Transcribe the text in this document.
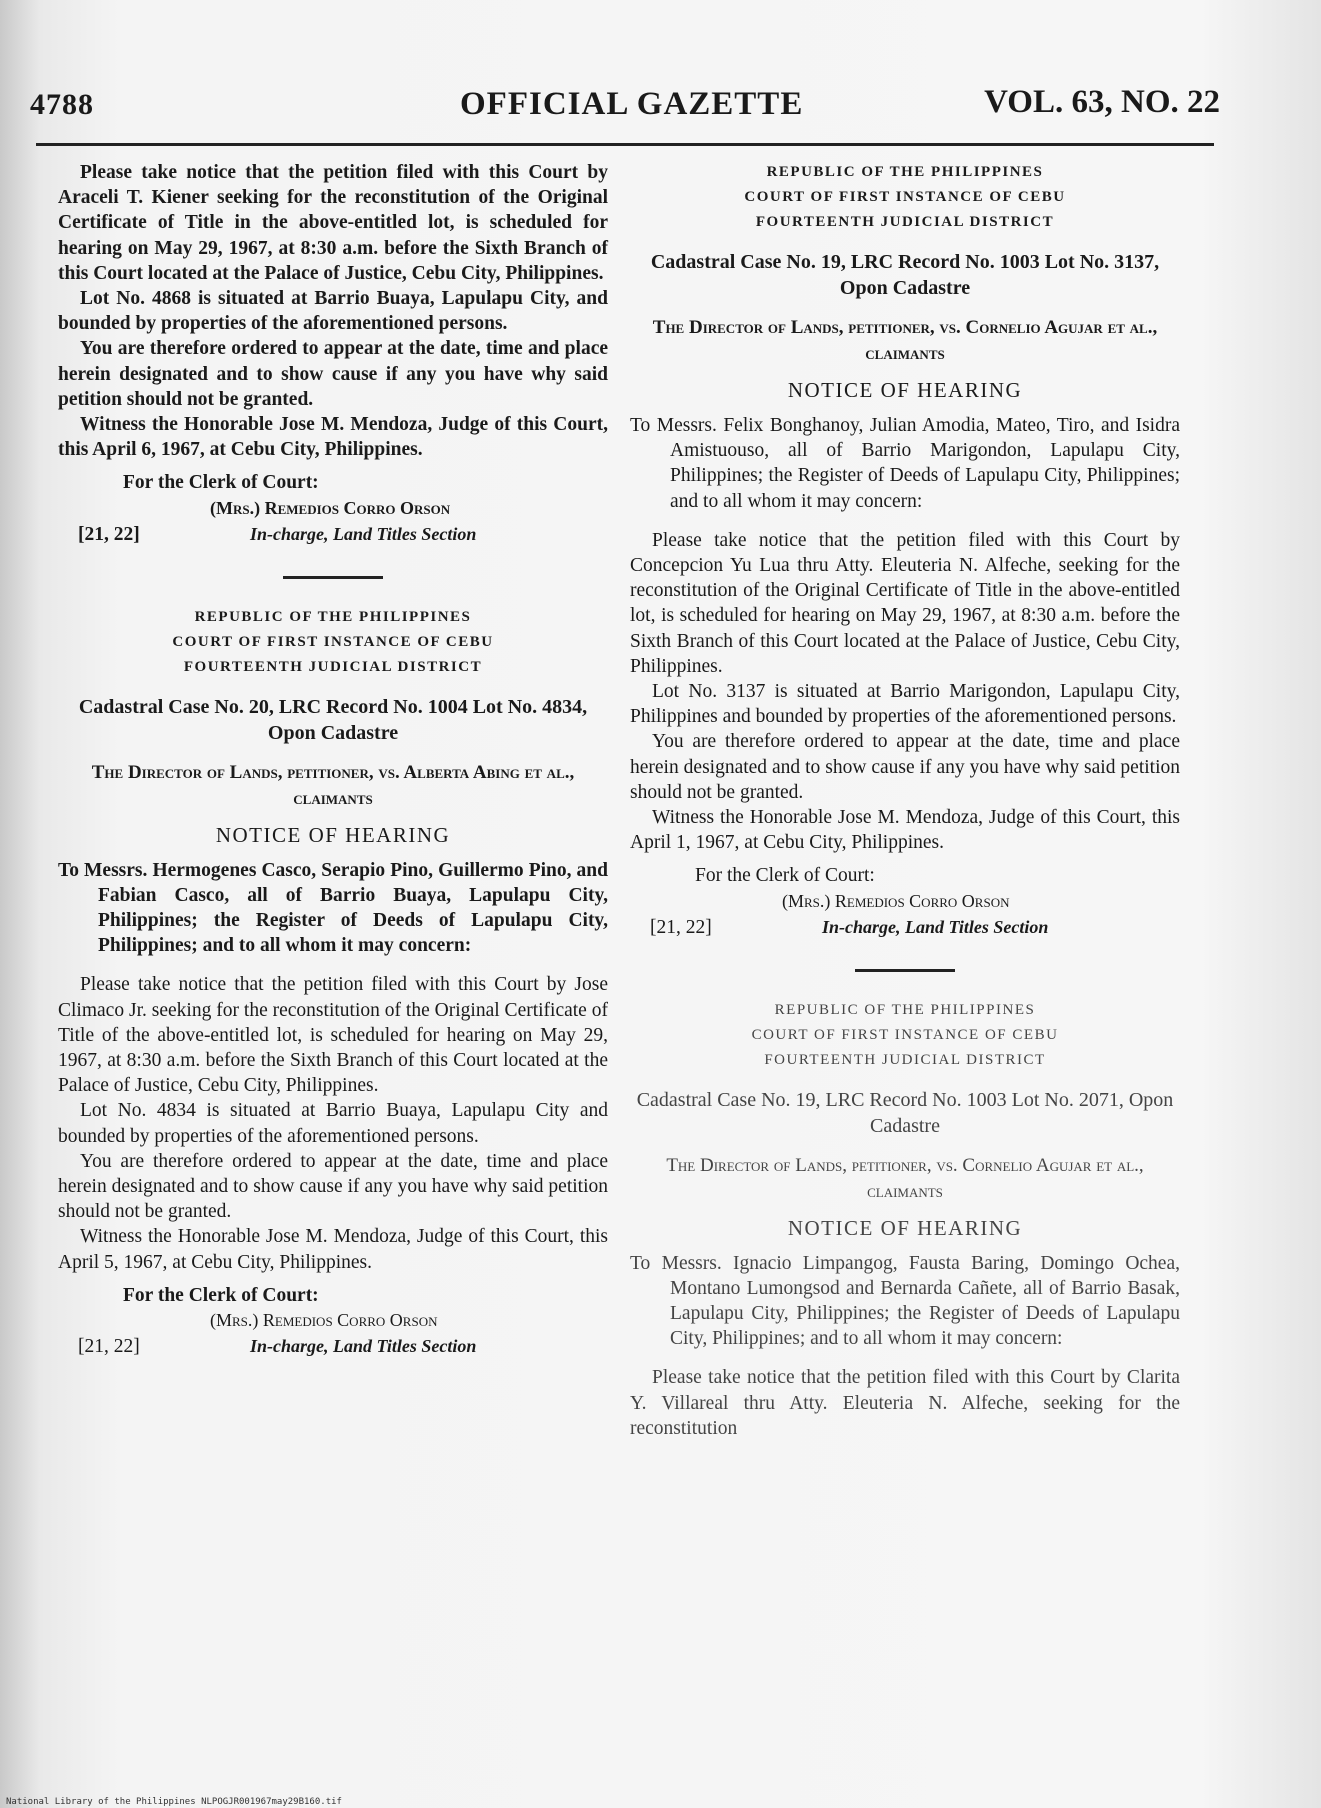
4788	OFFICIAL GAZETTE	VOL. 63, NO. 22

Please take notice that the petition filed with this Court by Araceli T. Kiener seeking for the reconstitution of the Original Certificate of Title in the above-entitled lot, is scheduled for hearing on May 29, 1967, at 8:30 a.m. before the Sixth Branch of this Court located at the Palace of Justice, Cebu City, Philippines.

Lot No. 4868 is situated at Barrio Buaya, Lapulapu City, and bounded by properties of the aforementioned persons.

You are therefore ordered to appear at the date, time and place herein designated and to show cause if any you have why said petition should not be granted.

Witness the Honorable Jose M. Mendoza, Judge of this Court, this April 6, 1967, at Cebu City, Philippines.

For the Clerk of Court:

(Mrs.) Remedios Corro Orson
[21, 22]	In-charge, Land Titles Section
REPUBLIC OF THE PHILIPPINES
COURT OF FIRST INSTANCE OF CEBU
FOURTEENTH JUDICIAL DISTRICT

Cadastral Case No. 20, LRC Record No. 1004 Lot No. 4834, Opon Cadastre

The Director of Lands, petitioner, vs. Alberta Abing et al., claimants

NOTICE OF HEARING

To Messrs. Hermogenes Casco, Serapio Pino, Guillermo Pino, and Fabian Casco, all of Barrio Buaya, Lapulapu City, Philippines; the Register of Deeds of Lapulapu City, Philippines; and to all whom it may concern:

Please take notice that the petition filed with this Court by Jose Climaco Jr. seeking for the reconstitution of the Original Certificate of Title of the above-entitled lot, is scheduled for hearing on May 29, 1967, at 8:30 a.m. before the Sixth Branch of this Court located at the Palace of Justice, Cebu City, Philippines.

Lot No. 4834 is situated at Barrio Buaya, Lapulapu City and bounded by properties of the aforementioned persons.

You are therefore ordered to appear at the date, time and place herein designated and to show cause if any you have why said petition should not be granted.

Witness the Honorable Jose M. Mendoza, Judge of this Court, this April 5, 1967, at Cebu City, Philippines.

For the Clerk of Court:

(Mrs.) Remedios Corro Orson
[21, 22]	In-charge, Land Titles Section
REPUBLIC OF THE PHILIPPINES
COURT OF FIRST INSTANCE OF CEBU
FOURTEENTH JUDICIAL DISTRICT

Cadastral Case No. 19, LRC Record No. 1003 Lot No. 3137, Opon Cadastre

The Director of Lands, petitioner, vs. Cornelio Agujar et al., claimants

NOTICE OF HEARING

To Messrs. Felix Bonghanoy, Julian Amodia, Mateo, Tiro, and Isidra Amistuouso, all of Barrio Marigondon, Lapulapu City, Philippines; the Register of Deeds of Lapulapu City, Philippines; and to all whom it may concern:

Please take notice that the petition filed with this Court by Concepcion Yu Lua thru Atty. Eleuteria N. Alfeche, seeking for the reconstitution of the Original Certificate of Title in the above-entitled lot, is scheduled for hearing on May 29, 1967, at 8:30 a.m. before the Sixth Branch of this Court located at the Palace of Justice, Cebu City, Philippines.

Lot No. 3137 is situated at Barrio Marigondon, Lapulapu City, Philippines and bounded by properties of the aforementioned persons.

You are therefore ordered to appear at the date, time and place herein designated and to show cause if any you have why said petition should not be granted.

Witness the Honorable Jose M. Mendoza, Judge of this Court, this April 1, 1967, at Cebu City, Philippines.

For the Clerk of Court:

(Mrs.) Remedios Corro Orson
[21, 22]	In-charge, Land Titles Section
REPUBLIC OF THE PHILIPPINES
COURT OF FIRST INSTANCE OF CEBU
FOURTEENTH JUDICIAL DISTRICT

Cadastral Case No. 19, LRC Record No. 1003 Lot No. 2071, Opon Cadastre

The Director of Lands, petitioner, vs. Cornelio Agujar et al., claimants

NOTICE OF HEARING

To Messrs. Ignacio Limpangog, Fausta Baring, Domingo Ochea, Montano Lumongsod and Bernarda Cañete, all of Barrio Basak, Lapulapu City, Philippines; the Register of Deeds of Lapulapu City, Philippines; and to all whom it may concern:

Please take notice that the petition filed with this Court by Clarita Y. Villareal thru Atty. Eleuteria N. Alfeche, seeking for the reconstitution

National Library of the Philippines NLPOGJR001967may29B160.tif
